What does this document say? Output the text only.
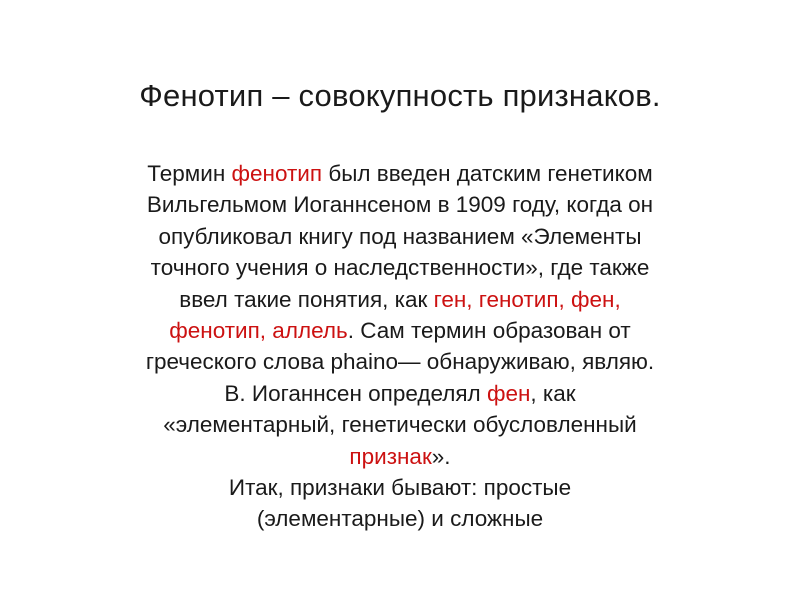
Фенотип – совокупность признаков.
Термин фенотип был введен датским генетиком
Вильгельмом Иоганнсеном в 1909 году, когда он
опубликовал книгу под названием «Элементы
точного учения о наследственности», где также
ввел такие понятия, как ген, генотип, фен,
фенотип, аллель. Сам термин образован от
греческого слова phaino— обнаруживаю, являю.
В. Иоганнсен определял фен, как
«элементарный, генетически обусловленный
признак».
Итак, признаки бывают: простые
(элементарные) и сложные
